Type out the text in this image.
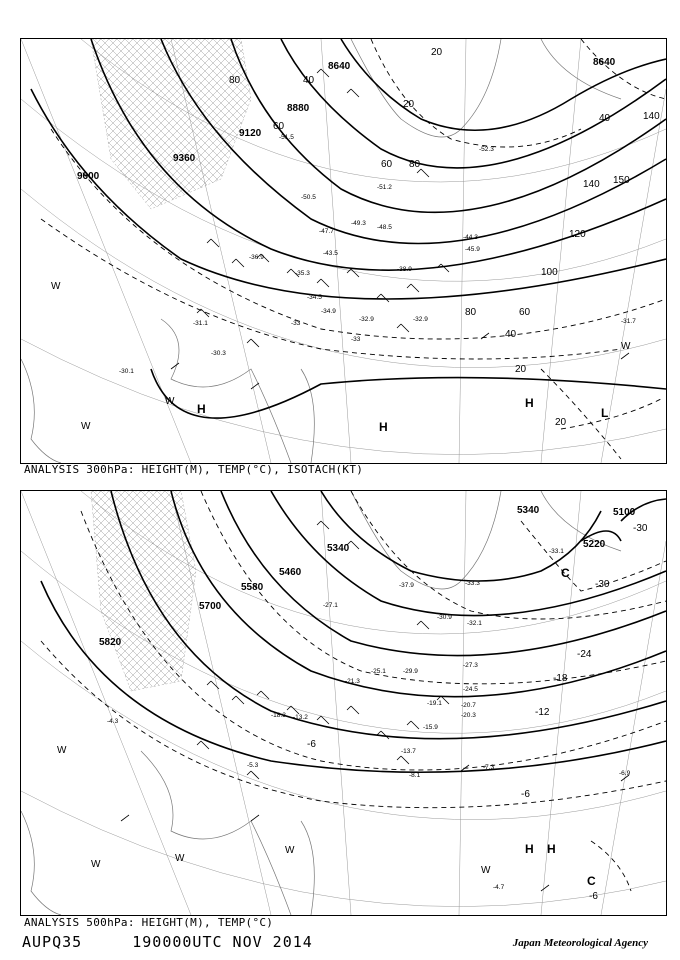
9600
9360
9120
8880
8640	8640
80
60
40
20
20
40
60 80
100
120
140
140
150
80	60
40
20
20
-51.5
-50.5
-52.3
-51.2
-49.3
-48.5
-47.7
-44.3
-45.9
-43.5
-38.9
-35.3
-34.5
-34.9
-36.9
-32.9	-31.7
-31.1
-30.3
-30.1
-33
-33
-32.9
H
H
H
L
W
W
W
W
ANALYSIS 300hPa: HEIGHT(M), TEMP(°C), ISOTACH(KT)
5820
5700
5580
5460
5340
5340	5100
5220
-30
-30
-24
-18
-12
-6
-6
-6
-37.9	-33.3
-32.1
-30.9
-29.9
-27.3
-25.1
-24.5
-21.3
-20.7
-20.3
-19.1
-18.3
-15.9
-13.7
-13.2
-8.1
-7.3
-6.9
-5.3
-4.7
-4.3
-27.1
-33.1
H H
C
C
W
W
W
W
W
ANALYSIS 500hPa: HEIGHT(M), TEMP(°C)
AUPQ35	190000UTC NOV 2014	Japan Meteorological Agency
